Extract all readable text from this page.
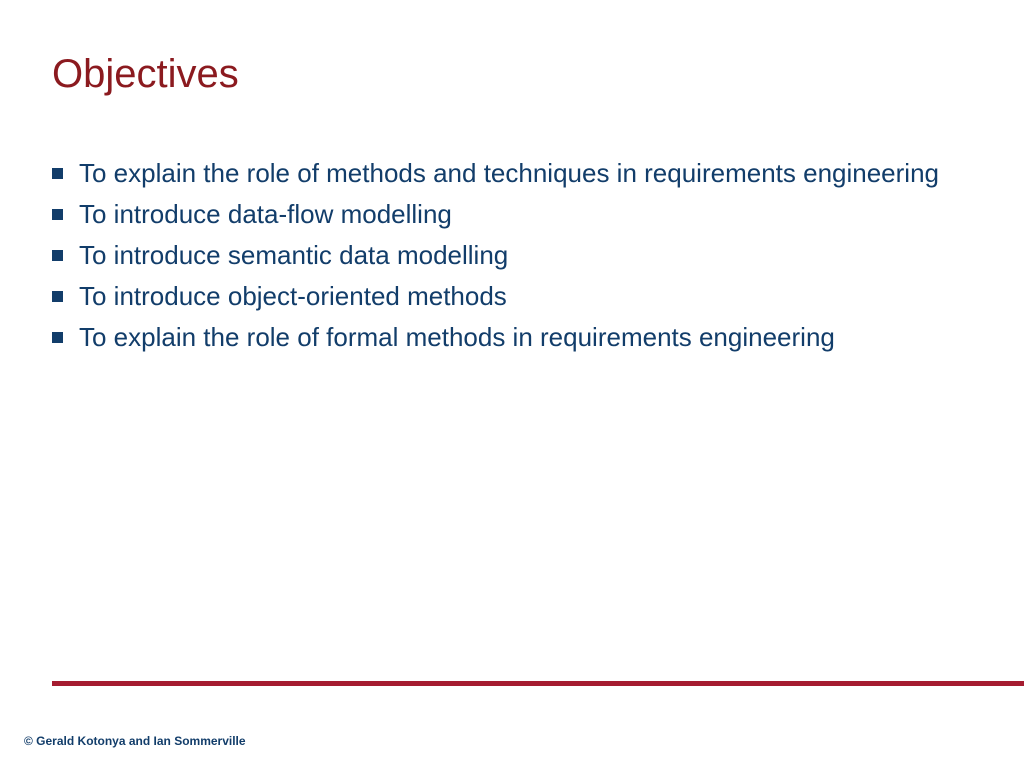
Objectives
To explain the role of methods and techniques in requirements engineering
To introduce data-flow modelling
To introduce semantic data modelling
To introduce object-oriented methods
To explain the role of formal methods in requirements engineering
© Gerald Kotonya and Ian Sommerville
